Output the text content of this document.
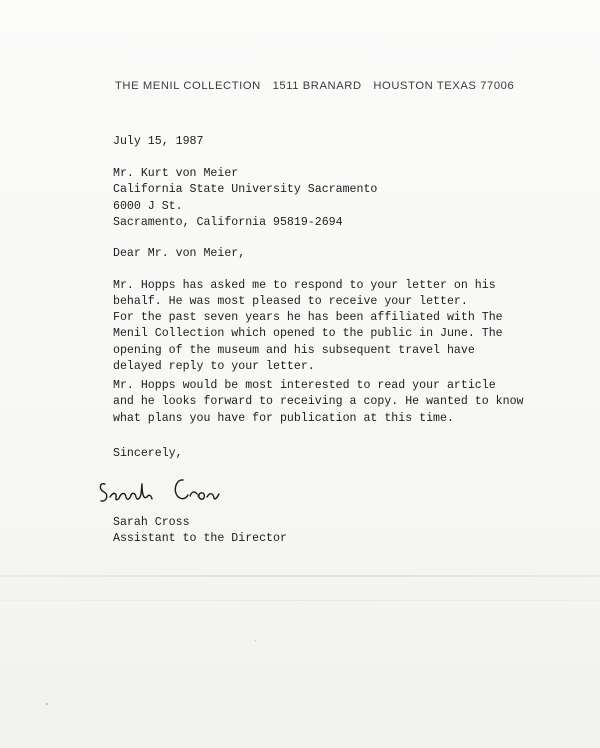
THE MENIL COLLECTION 1511 BRANARD HOUSTON TEXAS 77006
July 15, 1987
Mr. Kurt von Meier
California State University Sacramento
6000 J St.
Sacramento, California 95819-2694
Dear Mr. von Meier,
Mr. Hopps has asked me to respond to your letter on his
behalf. He was most pleased to receive your letter.
For the past seven years he has been affiliated with The
Menil Collection which opened to the public in June. The
opening of the museum and his subsequent travel have
delayed reply to your letter.
Mr. Hopps would be most interested to read your article
and he looks forward to receiving a copy. He wanted to know
what plans you have for publication at this time.
Sincerely,
Sarah Cross
Assistant to the Director
